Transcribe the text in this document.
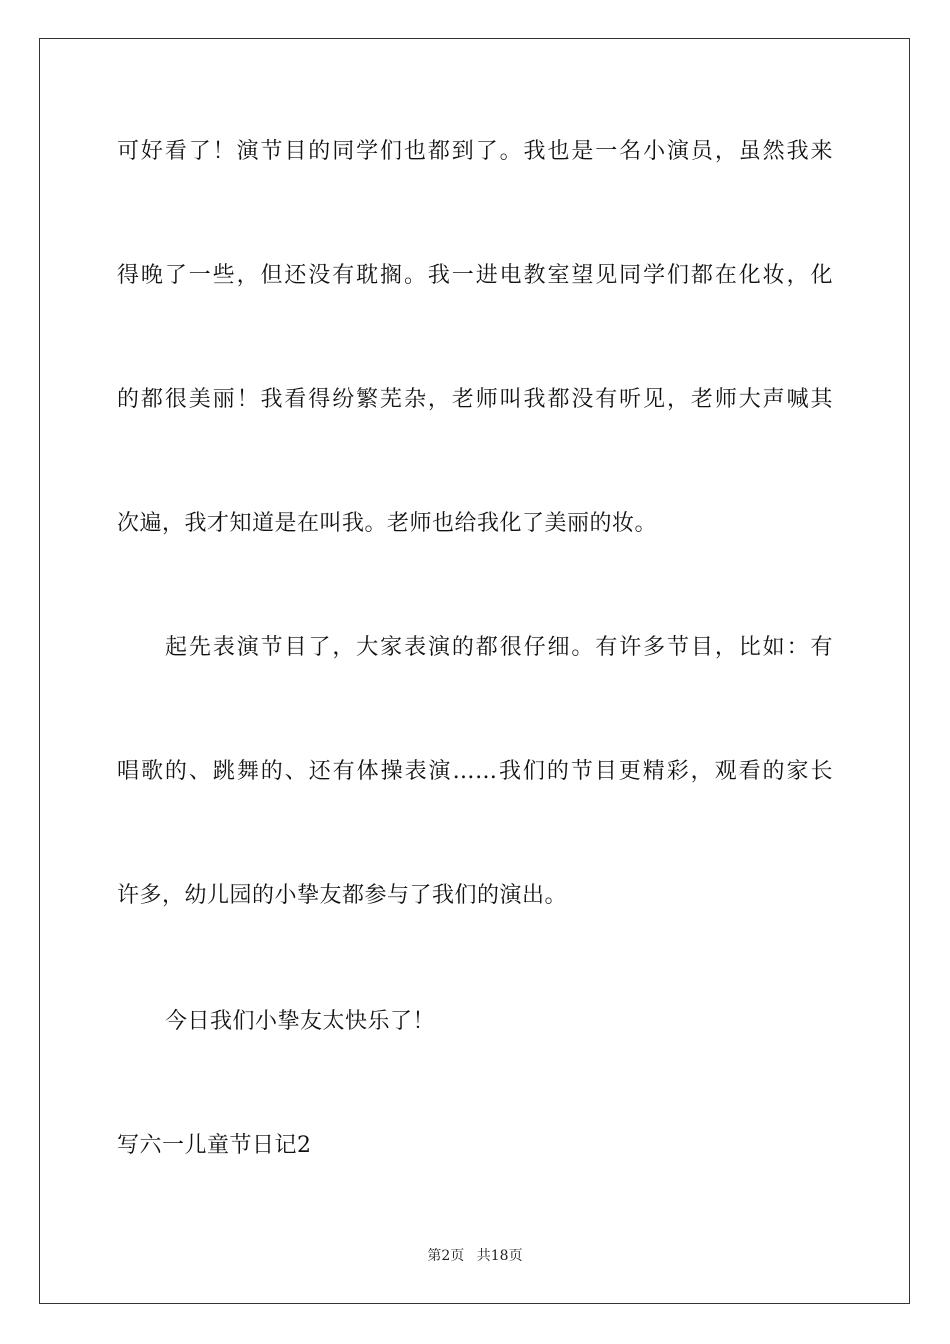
可好看了！演节目的同学们也都到了。我也是一名小演员，虽然我来
得晚了一些，但还没有耽搁。我一进电教室望见同学们都在化妆，化
的都很美丽！我看得纷繁芜杂，老师叫我都没有听见，老师大声喊其
次遍，我才知道是在叫我。老师也给我化了美丽的妆。
起先表演节目了，大家表演的都很仔细。有许多节目，比如：有
唱歌的、跳舞的、还有体操表演……我们的节目更精彩，观看的家长
许多，幼儿园的小挚友都参与了我们的演出。
今日我们小挚友太快乐了！
写六一儿童节日记2
第2页 共18页
